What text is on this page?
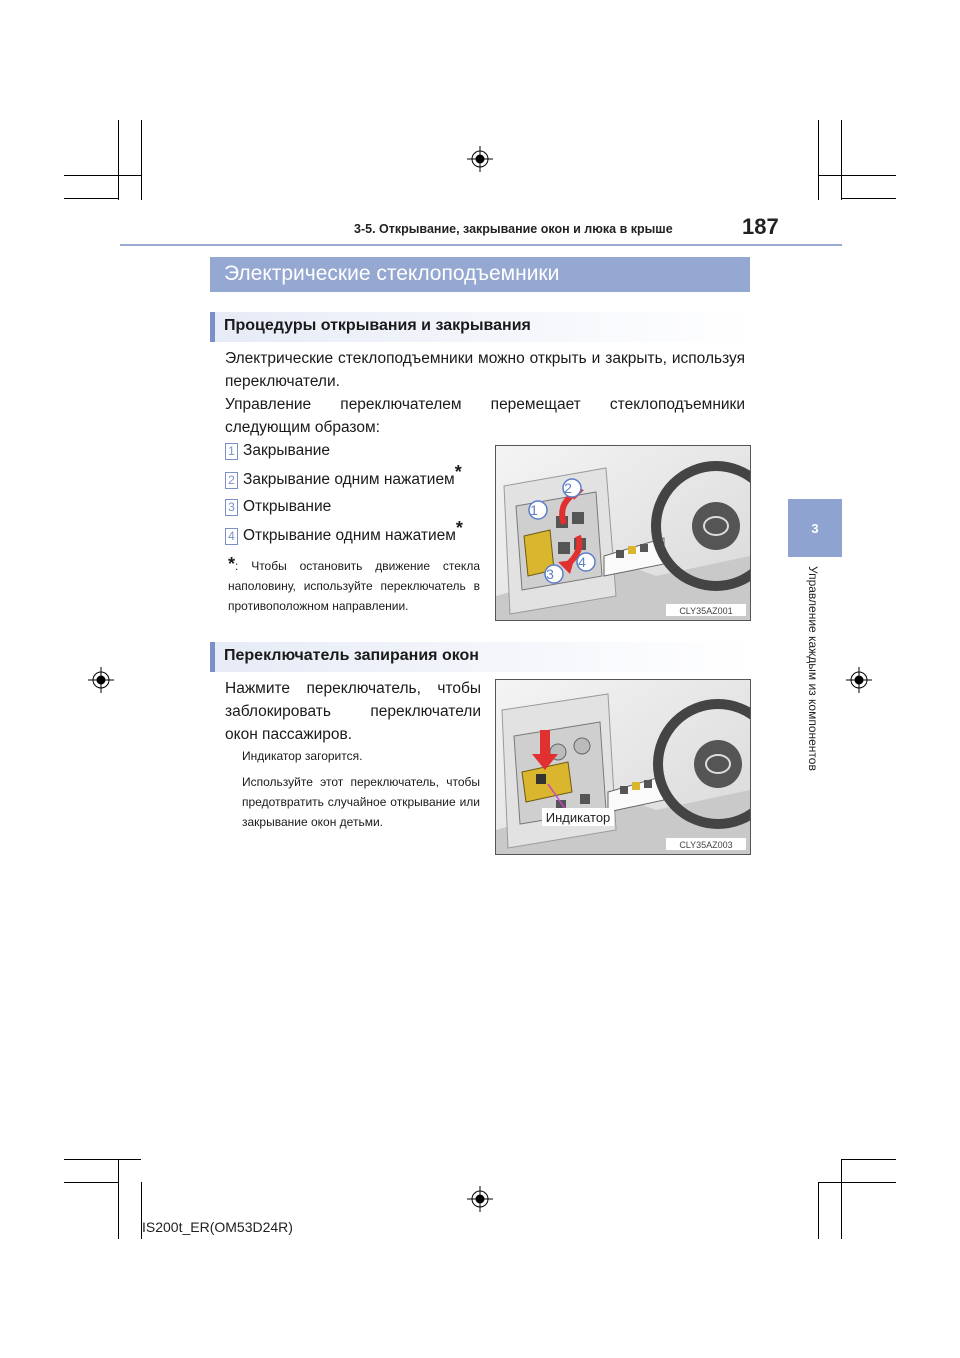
3-5. Открывание, закрывание окон и люка в крыше	187
3
Управление каждым из компонентов
Электрические стеклоподъемники
Процедуры открывания и закрывания
Электрические стеклоподъемники можно открыть и закрыть, используя переключатели.
Управление переключателем перемещает стеклоподъемники следующим образом:
1 Закрывание
2 Закрывание одним нажатием*
3 Открывание
4 Открывание одним нажатием*
*: Чтобы остановить движение стекла наполовину, используйте переключатель в противоположном направлении.
1
2
3
4
CLY35AZ001
Переключатель запирания окон
Нажмите переключатель, чтобы заблокировать переключатели окон пассажиров.
Индикатор загорится.
Используйте этот переключатель, чтобы предотвратить случайное открывание или закрывание окон детьми.	Индикатор
CLY35AZ003
IS200t_ER(OM53D24R)
